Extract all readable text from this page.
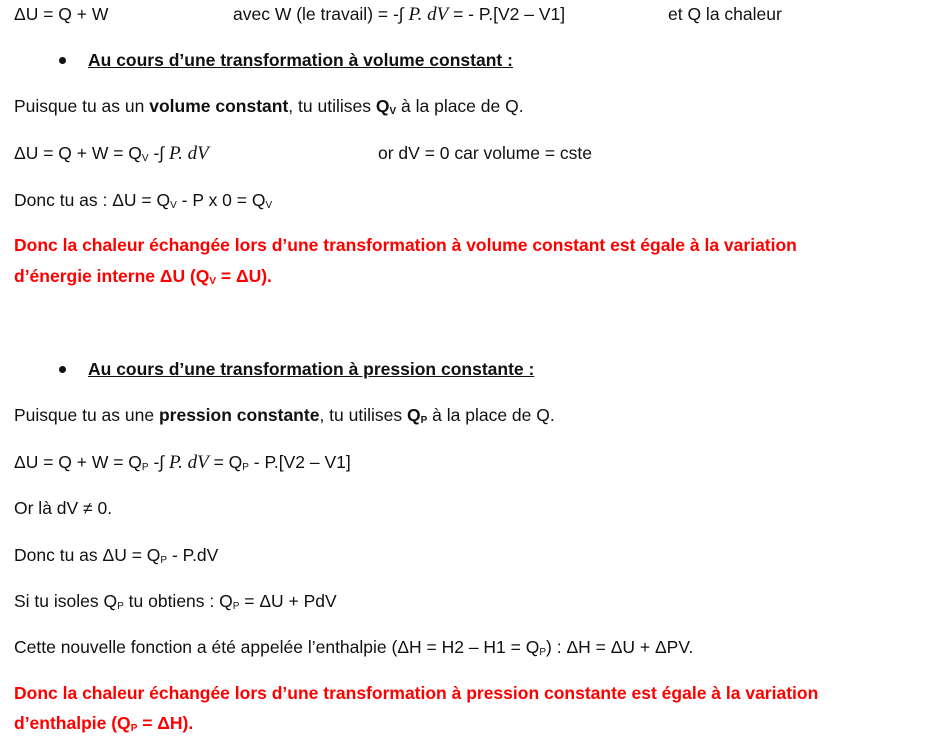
ΔU = Q + W	avec W (le travail) = -∫ P. dV = - P.[V2 – V1]	et Q la chaleur
Au cours d’une transformation à volume constant :
Puisque tu as un volume constant, tu utilises $Q_V$ à la place de Q.
$\Delta U = Q + W = Q_V$ -∫ P. dV	or dV = 0 car volume = cste
Donc tu as : $\Delta U = Q_V - P$ x $0 = Q_V$
Donc la chaleur échangée lors d’une transformation à volume constant est égale à la variation
d’énergie interne ΔU $(Q_V = \Delta U)$.
Au cours d’une transformation à pression constante :
Puisque tu as une pression constante, tu utilises $Q_P$ à la place de Q.
$\Delta U = Q + W = Q_P$ -∫ P. dV = $Q_P - P.[V2 - V1]$
Or là dV ≠ 0.
Donc tu as $\Delta U = Q_P - P.dV$
Si tu isoles $Q_P$ tu obtiens : $Q_P = \Delta U$ + PdV
Cette nouvelle fonction a été appelée l’enthalpie $(\Delta H = H2 - H1 = Q_P)$ : ΔH = ΔU + ΔPV.
Donc la chaleur échangée lors d’une transformation à pression constante est égale à la variation
d’enthalpie $(Q_P = \Delta H)$.
